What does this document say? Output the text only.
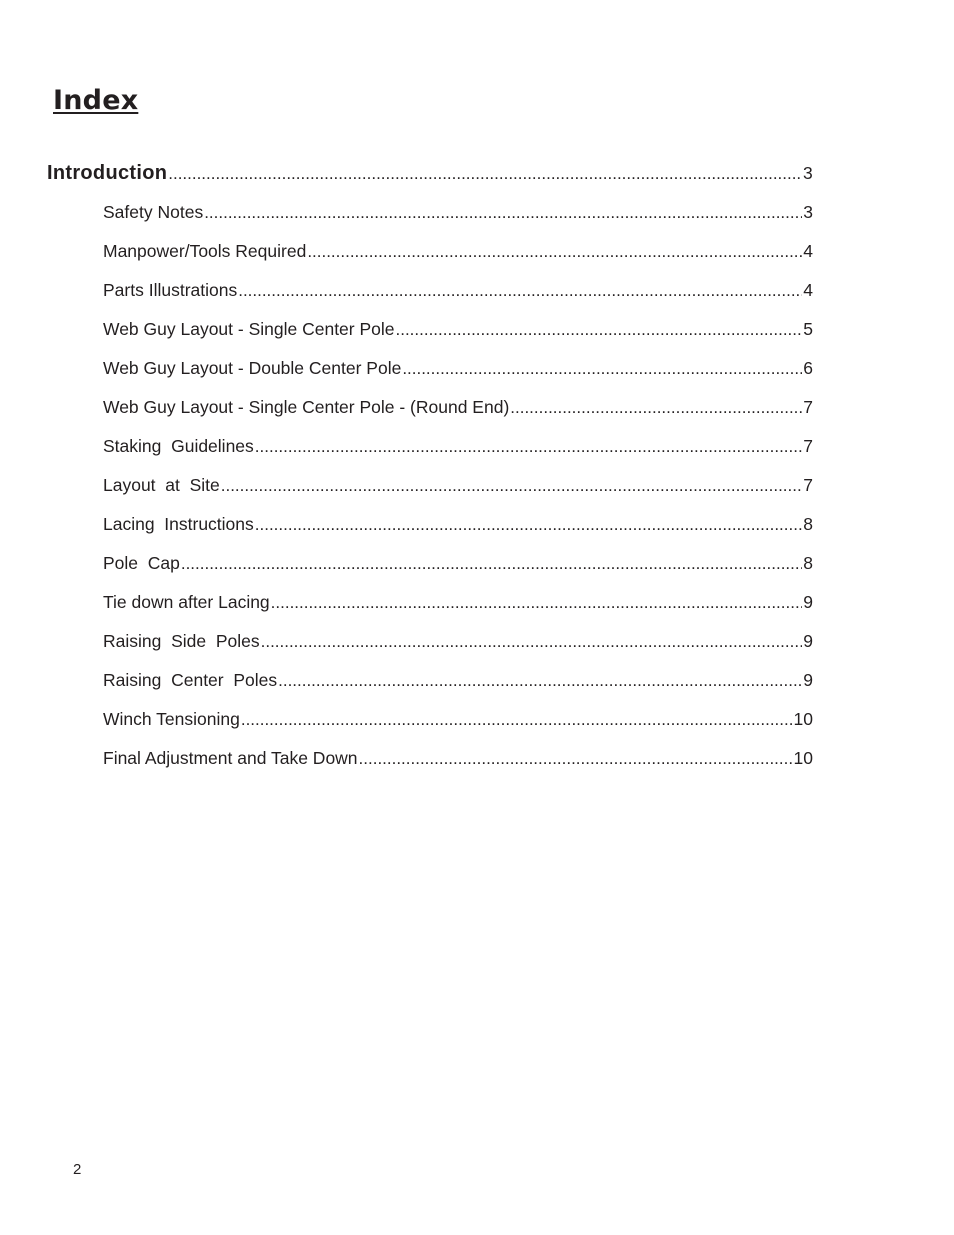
Index
Introduction .....	3
Safety Notes .....	3
Manpower/Tools Required .....	4
Parts Illustrations .....	4
Web Guy Layout - Single Center Pole .....	5
Web Guy Layout - Double Center Pole .....	6
Web Guy Layout - Single Center Pole - (Round End) .....	7
Staking  Guidelines .....	7
Layout  at  Site .....	7
Lacing  Instructions .....	8
Pole  Cap .....	8
Tie down after Lacing .....	9
Raising  Side  Poles .....	9
Raising  Center  Poles .....	9
Winch Tensioning .....	10
Final Adjustment and Take Down .....	10
2
